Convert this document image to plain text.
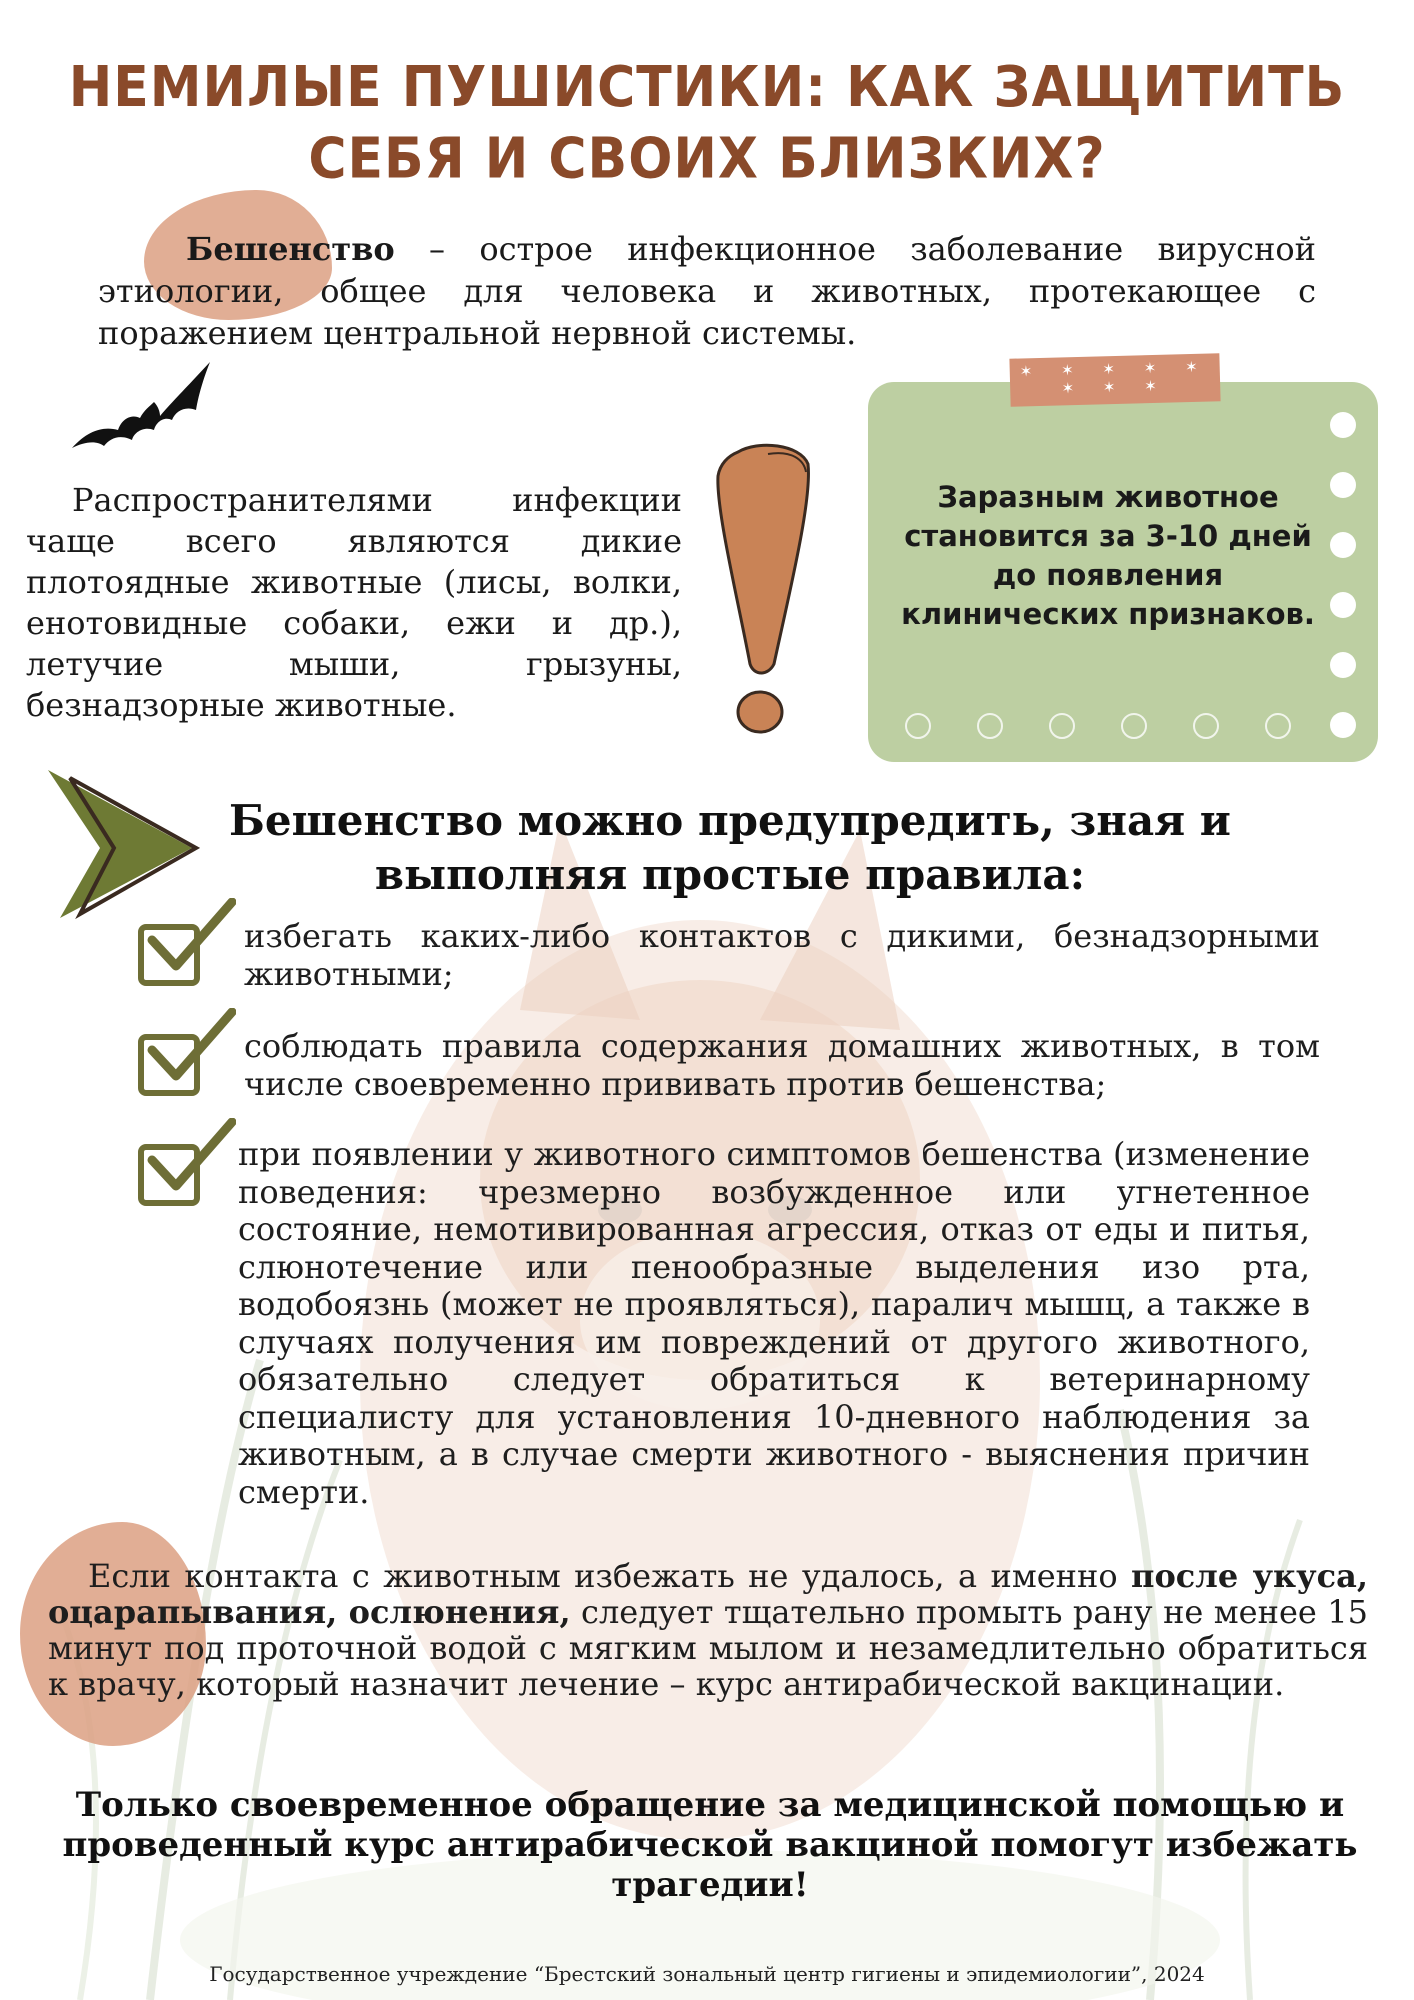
НЕМИЛЫЕ ПУШИСТИКИ: КАК ЗАЩИТИТЬ СЕБЯ И СВОИХ БЛИЗКИХ?
Бешенство – острое инфекционное заболевание вирусной этиологии, общее для человека и животных, протекающее с поражением центральной нервной системы.
Распространителями инфекции чаще всего являются дикие плотоядные животные (лисы, волки, енотовидные собаки, ежи и др.), летучие мыши, грызуны, безнадзорные животные.
✶ ✶ ✶ ✶ ✶ ✶ ✶ ✶
Заразным животное становится за 3-10 дней до появления клинических признаков.
Бешенство можно предупредить, зная и выполняя простые правила:
избегать каких-либо контактов с дикими, безнадзорными животными;
соблюдать правила содержания домашних животных, в том числе своевременно прививать против бешенства;
при появлении у животного симптомов бешенства (изменение поведения: чрезмерно возбужденное или угнетенное состояние, немотивированная агрессия, отказ от еды и питья, слюнотечение или пенообразные выделения изо рта, водобоязнь (может не проявляться), паралич мышц, а также в случаях получения им повреждений от другого животного, обязательно следует обратиться к ветеринарному специалисту для установления 10-дневного наблюдения за животным, а в случае смерти животного - выяснения причин смерти.
Если контакта с животным избежать не удалось, а именно после укуса, оцарапывания, ослюнения, следует тщательно промыть рану не менее 15 минут под проточной водой с мягким мылом и незамедлительно обратиться к врачу, который назначит лечение – курс антирабической вакцинации.
Только своевременное обращение за медицинской помощью и проведенный курс антирабической вакциной помогут избежать трагедии!
Государственное учреждение “Брестский зональный центр гигиены и эпидемиологии”, 2024
